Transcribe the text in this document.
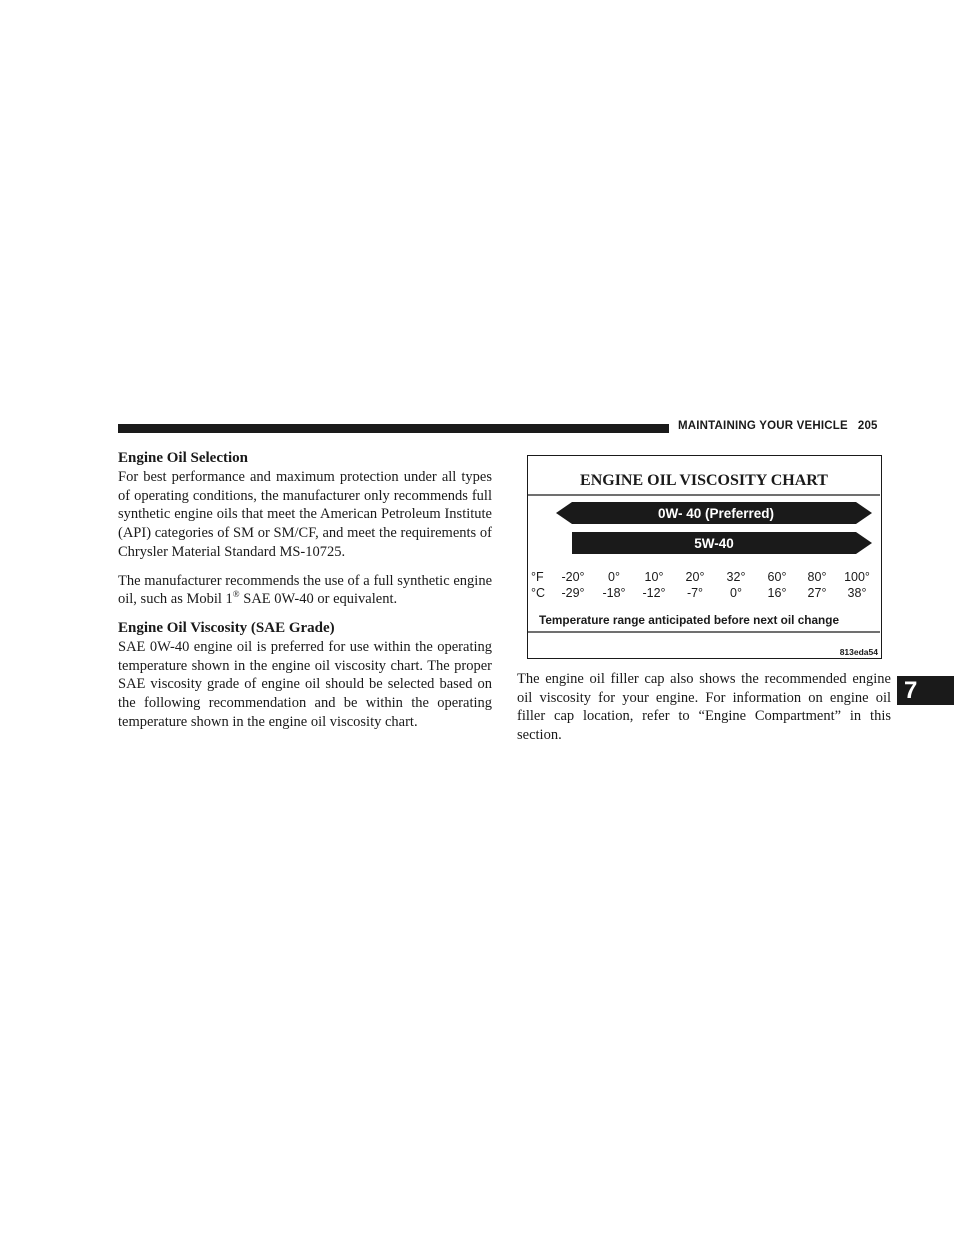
MAINTAINING YOUR VEHICLE 205

Engine Oil Selection

For best performance and maximum protection under all types of operating conditions, the manufacturer only recommends full synthetic engine oils that meet the American Petroleum Institute (API) categories of SM or SM/CF, and meet the requirements of Chrysler Material Standard MS-10725.

The manufacturer recommends the use of a full synthetic engine oil, such as Mobil 1® SAE 0W-40 or equivalent.

Engine Oil Viscosity (SAE Grade)

SAE 0W-40 engine oil is preferred for use within the operating temperature shown in the engine oil viscosity chart. The proper SAE viscosity grade of engine oil should be selected based on the following recommendation and be within the operating temperature shown in the engine oil viscosity chart.

ENGINE OIL VISCOSITY CHART
0W- 40 (Preferred)
5W-40
°F
°C
-20° 0° 10° 20° 32° 60° 80° 100°
-29° -18° -12° -7° 0° 16° 27° 38°
Temperature range anticipated before next oil change
813eda54

The engine oil filler cap also shows the recommended engine oil viscosity for your engine. For information on engine oil filler cap location, refer to “Engine Compartment” in this section.

7
